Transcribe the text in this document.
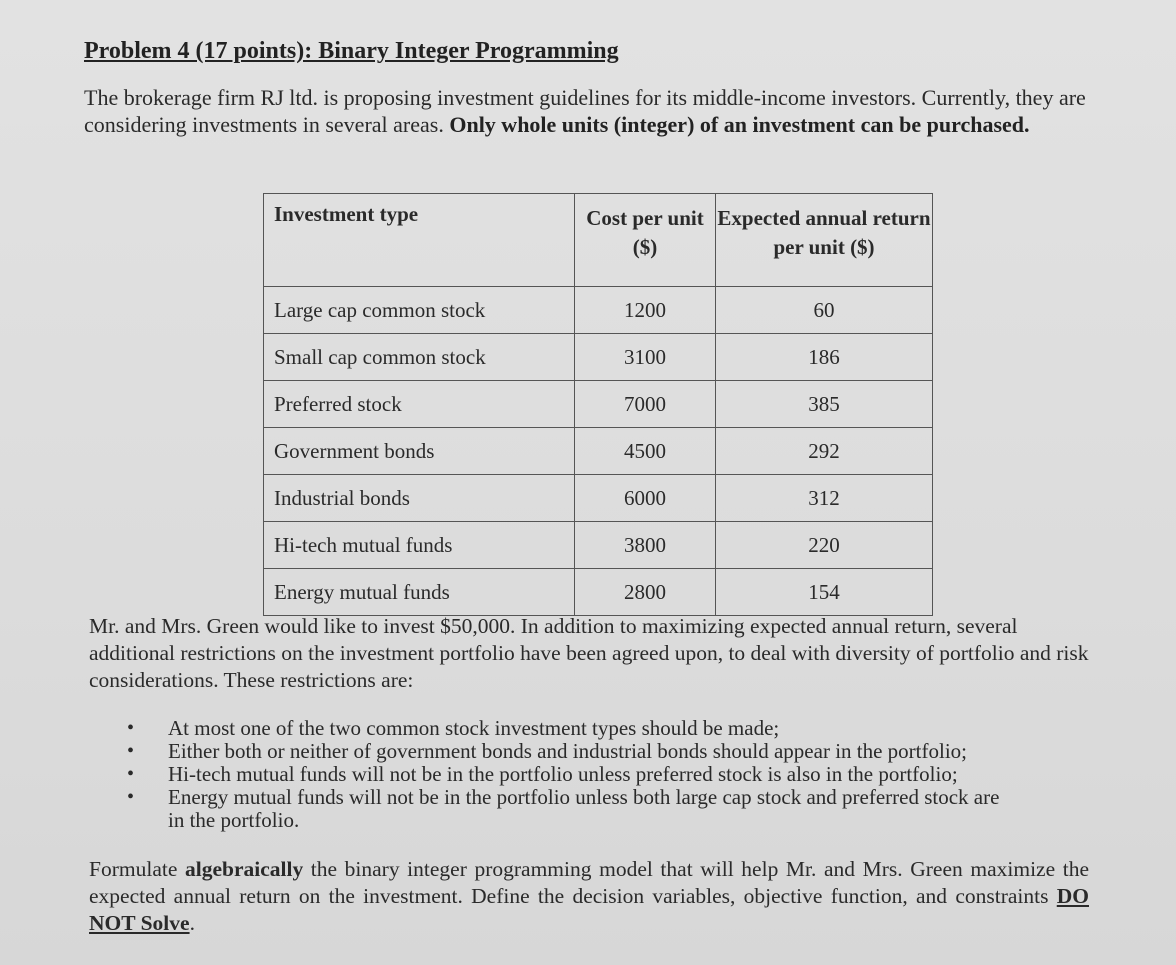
Problem 4 (17 points): Binary Integer Programming
The brokerage firm RJ ltd. is proposing investment guidelines for its middle-income investors. Currently, they are considering investments in several areas. Only whole units (integer) of an investment can be purchased.
Investment type	Cost per unit ($)	Expected annual return per unit ($)
Large cap common stock	1200	60
Small cap common stock	3100	186
Preferred stock	7000	385
Government bonds	4500	292
Industrial bonds	6000	312
Hi-tech mutual funds	3800	220
Energy mutual funds	2800	154
Mr. and Mrs. Green would like to invest $50,000. In addition to maximizing expected annual return, several additional restrictions on the investment portfolio have been agreed upon, to deal with diversity of portfolio and risk considerations. These restrictions are:
• At most one of the two common stock investment types should be made;
• Either both or neither of government bonds and industrial bonds should appear in the portfolio;
• Hi-tech mutual funds will not be in the portfolio unless preferred stock is also in the portfolio;
• Energy mutual funds will not be in the portfolio unless both large cap stock and preferred stock are in the portfolio.
Formulate algebraically the binary integer programming model that will help Mr. and Mrs. Green maximize the expected annual return on the investment. Define the decision variables, objective function, and constraints DO NOT Solve.
